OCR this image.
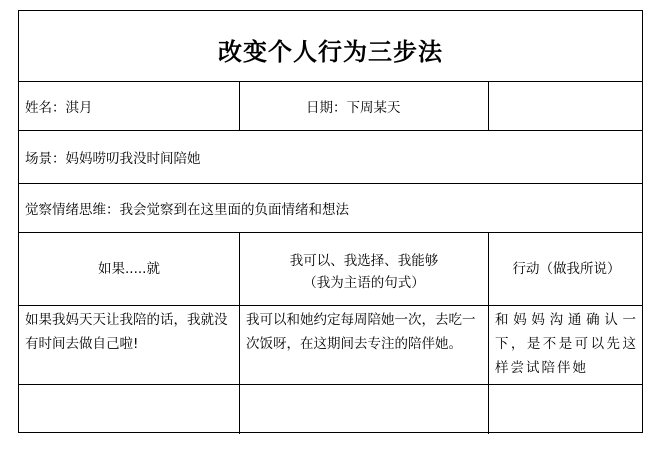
改变个人行为三步法
姓名： 淇月	日期： 下周某天
场景： 妈妈唠叨我没时间陪她
觉察情绪思维： 我会觉察到在这里面的负面情绪和想法
如果.....就	我可以、我选择、我能够
（我为主语的句式）
行动（做我所说）
如果我妈天天让我陪的话，我就没有时间去做自己啦!
我可以和她约定每周陪她一次，去吃一次饭呀，在这期间去专注的陪伴她。
和妈妈沟通确认一下，是不是可以先这样尝试陪伴她
